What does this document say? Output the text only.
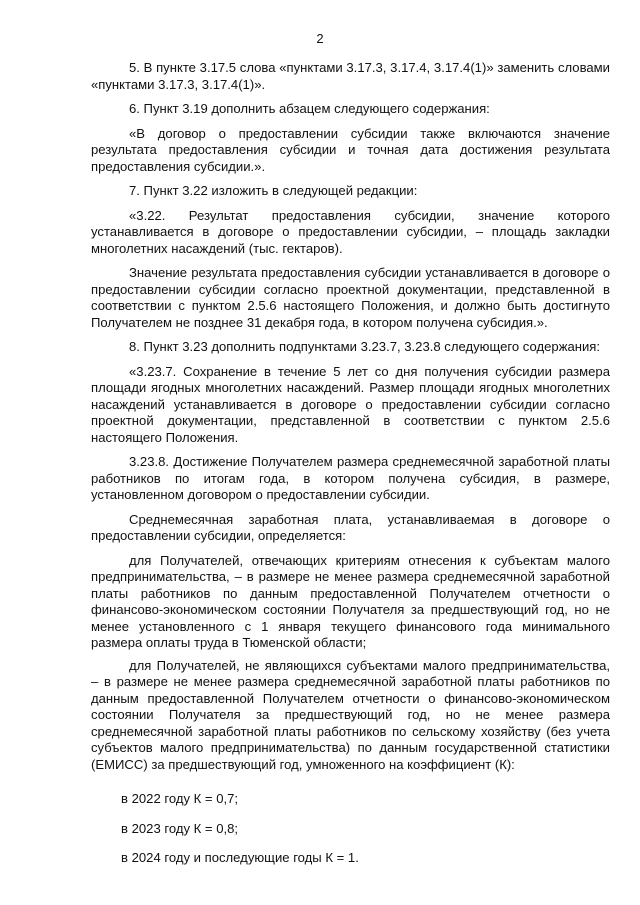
2

5. В пункте 3.17.5 слова «пунктами 3.17.3, 3.17.4, 3.17.4(1)» заменить словами «пунктами 3.17.3, 3.17.4(1)».

6. Пункт 3.19 дополнить абзацем следующего содержания:

«В договор о предоставлении субсидии также включаются значение результата предоставления субсидии и точная дата достижения результата предоставления субсидии.».

7. Пункт 3.22 изложить в следующей редакции:

«3.22. Результат предоставления субсидии, значение которого устанавливается в договоре о предоставлении субсидии, – площадь закладки многолетних насаждений (тыс. гектаров).

Значение результата предоставления субсидии устанавливается в договоре о предоставлении субсидии согласно проектной документации, представленной в соответствии с пунктом 2.5.6 настоящего Положения, и должно быть достигнуто Получателем не позднее 31 декабря года, в котором получена субсидия.».

8. Пункт 3.23 дополнить подпунктами 3.23.7, 3.23.8 следующего содержания:

«3.23.7. Сохранение в течение 5 лет со дня получения субсидии размера площади ягодных многолетних насаждений. Размер площади ягодных многолетних насаждений устанавливается в договоре о предоставлении субсидии согласно проектной документации, представленной в соответствии с пунктом 2.5.6 настоящего Положения.

3.23.8. Достижение Получателем размера среднемесячной заработной платы работников по итогам года, в котором получена субсидия, в размере, установленном договором о предоставлении субсидии.

Среднемесячная заработная плата, устанавливаемая в договоре о предоставлении субсидии, определяется:

для Получателей, отвечающих критериям отнесения к субъектам малого предпринимательства, – в размере не менее размера среднемесячной заработной платы работников по данным предоставленной Получателем отчетности о финансово-экономическом состоянии Получателя за предшествующий год, но не менее установленного с 1 января текущего финансового года минимального размера оплаты труда в Тюменской области;

для Получателей, не являющихся субъектами малого предпринимательства, – в размере не менее размера среднемесячной заработной платы работников по данным предоставленной Получателем отчетности о финансово-экономическом состоянии Получателя за предшествующий год, но не менее размера среднемесячной заработной платы работников по сельскому хозяйству (без учета субъектов малого предпринимательства) по данным государственной статистики (ЕМИСС) за предшествующий год, умноженного на коэффициент (К):

в 2022 году К = 0,7;
в 2023 году К = 0,8;
в 2024 году и последующие годы К = 1.
